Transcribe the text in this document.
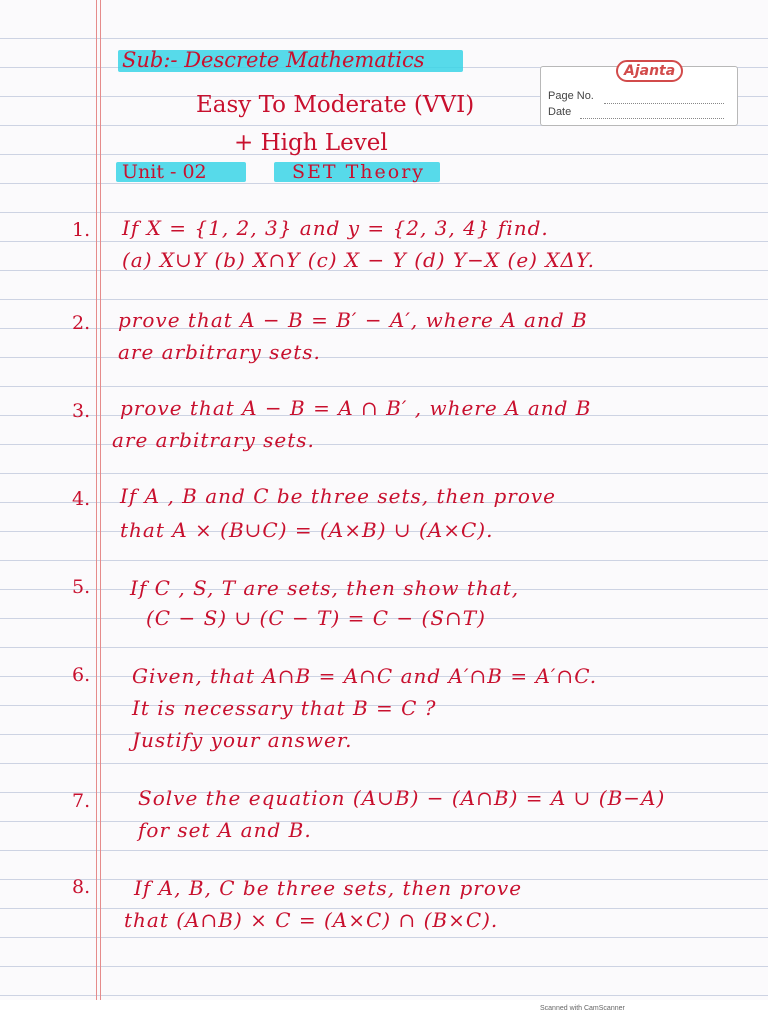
Sub:- Descrete Mathematics
Easy To Moderate (VVI)
+ High Level
Unit - 02	SET Theory
Ajanta
Page No.
Date
1. If X = {1, 2, 3} and y = {2, 3, 4} find.
(a) X∪Y (b) X∩Y (c) X − Y (d) Y−X (e) XΔY.
2. prove that A − B = B′ − A′, where A and B
are arbitrary sets.
3. prove that A − B = A ∩ B′ , where A and B
are arbitrary sets.
4. If A , B and C be three sets, then prove
that A × (B∪C) = (A×B) ∪ (A×C).
5. If C , S, T are sets, then show that,
(C − S) ∪ (C − T) = C − (S∩T)
6. Given, that A∩B = A∩C and A′∩B = A′∩C.
It is necessary that B = C ?
Justify your answer.
7. Solve the equation (A∪B) − (A∩B) = A ∪ (B−A)
for set A and B.
8. If A, B, C be three sets, then prove
that (A∩B) × C = (A×C) ∩ (B×C).
Scanned with CamScanner
